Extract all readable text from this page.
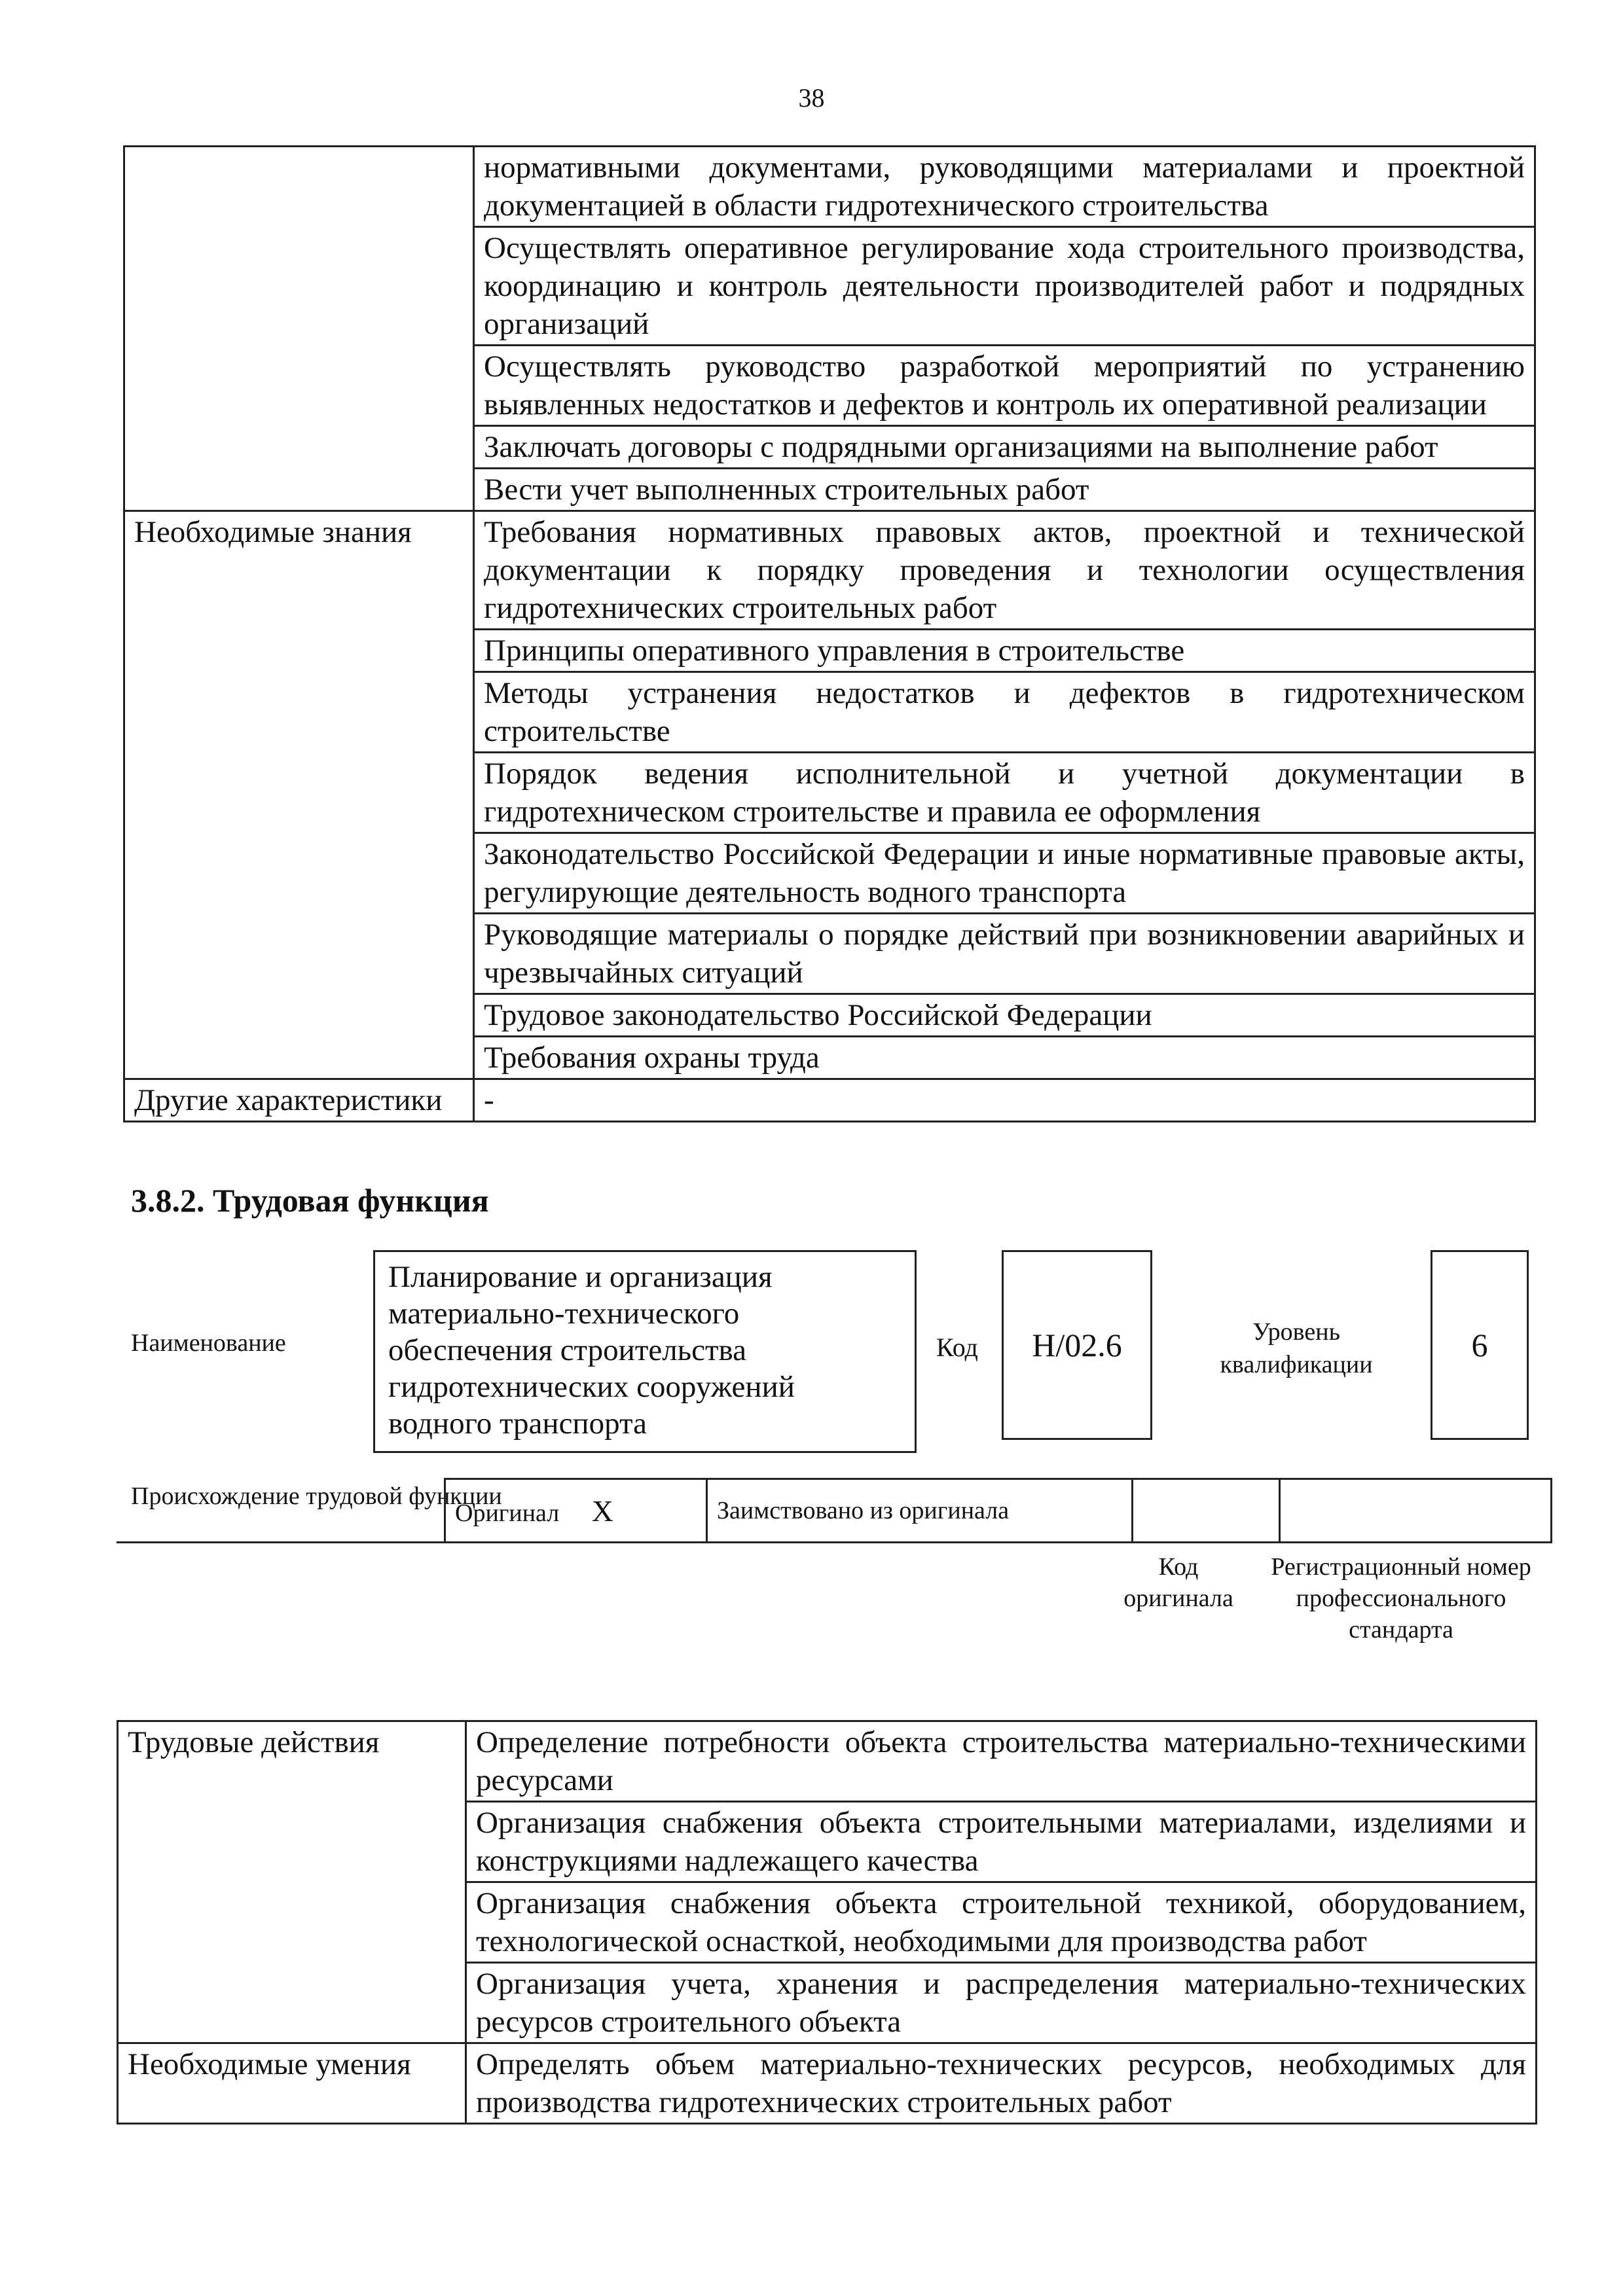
38
	нормативными документами, руководящими материалами и проектной документацией в области гидротехнического строительства
	Осуществлять оперативное регулирование хода строительного производства, координацию и контроль деятельности производителей работ и подрядных организаций
	Осуществлять руководство разработкой мероприятий по устранению выявленных недостатков и дефектов и контроль их оперативной реализации
	Заключать договоры с подрядными организациями на выполнение работ
	Вести учет выполненных строительных работ
Необходимые знания	Требования нормативных правовых актов, проектной и технической документации к порядку проведения и технологии осуществления гидротехнических строительных работ
	Принципы оперативного управления в строительстве
	Методы устранения недостатков и дефектов в гидротехническом строительстве
	Порядок ведения исполнительной и учетной документации в гидротехническом строительстве и правила ее оформления
	Законодательство Российской Федерации и иные нормативные правовые акты, регулирующие деятельность водного транспорта
	Руководящие материалы о порядке действий при возникновении аварийных и чрезвычайных ситуаций
	Трудовое законодательство Российской Федерации
	Требования охраны труда
Другие характеристики	-
3.8.2. Трудовая функция
Наименование
Планирование и организация материально-технического обеспечения строительства гидротехнических сооружений водного транспорта
Код	H/02.6	Уровень квалификации
6
Происхождение трудовой функции
Оригинал X	Заимствовано из оригинала		
Код оригинала
Регистрационный номер профессионального стандарта
Трудовые действия	Определение потребности объекта строительства материально-техническими ресурсами
	Организация снабжения объекта строительными материалами, изделиями и конструкциями надлежащего качества
	Организация снабжения объекта строительной техникой, оборудованием, технологической оснасткой, необходимыми для производства работ
	Организация учета, хранения и распределения материально-технических ресурсов строительного объекта
Необходимые умения	Определять объем материально-технических ресурсов, необходимых для производства гидротехнических строительных работ
